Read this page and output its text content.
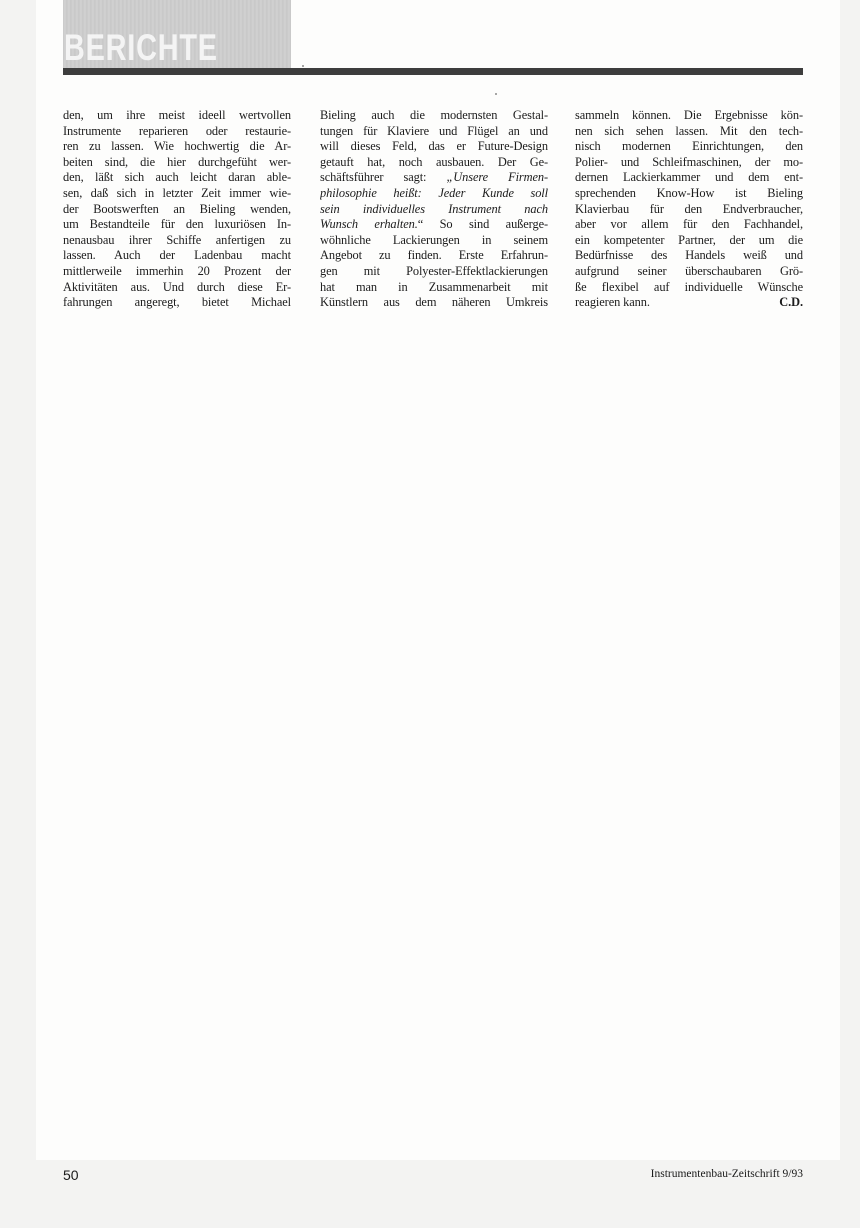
BERICHTE
den, um ihre meist ideell wertvollen
Instrumente reparieren oder restaurie-
ren zu lassen. Wie hochwertig die Ar-
beiten sind, die hier durchgefüht wer-
den, läßt sich auch leicht daran able-
sen, daß sich in letzter Zeit immer wie-
der Bootswerften an Bieling wenden,
um Bestandteile für den luxuriösen In-
nenausbau ihrer Schiffe anfertigen zu
lassen. Auch der Ladenbau macht
mittlerweile immerhin 20 Prozent der
Aktivitäten aus. Und durch diese Er-
fahrungen angeregt, bietet Michael
Bieling auch die modernsten Gestal-
tungen für Klaviere und Flügel an und
will dieses Feld, das er Future-Design
getauft hat, noch ausbauen. Der Ge-
schäftsführer sagt: „Unsere Firmen-
philosophie heißt: Jeder Kunde soll
sein individuelles Instrument nach
Wunsch erhalten.“ So sind außerge-
wöhnliche Lackierungen in seinem
Angebot zu finden. Erste Erfahrun-
gen mit Polyester-Effektlackierungen
hat man in Zusammenarbeit mit
Künstlern aus dem näheren Umkreis
sammeln können. Die Ergebnisse kön-
nen sich sehen lassen. Mit den tech-
nisch modernen Einrichtungen, den
Polier- und Schleifmaschinen, der mo-
dernen Lackierkammer und dem ent-
sprechenden Know-How ist Bieling
Klavierbau für den Endverbraucher,
aber vor allem für den Fachhandel,
ein kompetenter Partner, der um die
Bedürfnisse des Handels weiß und
aufgrund seiner überschaubaren Grö-
ße flexibel auf individuelle Wünsche
reagieren kann.	C.D.
50	Instrumentenbau-Zeitschrift 9/93
